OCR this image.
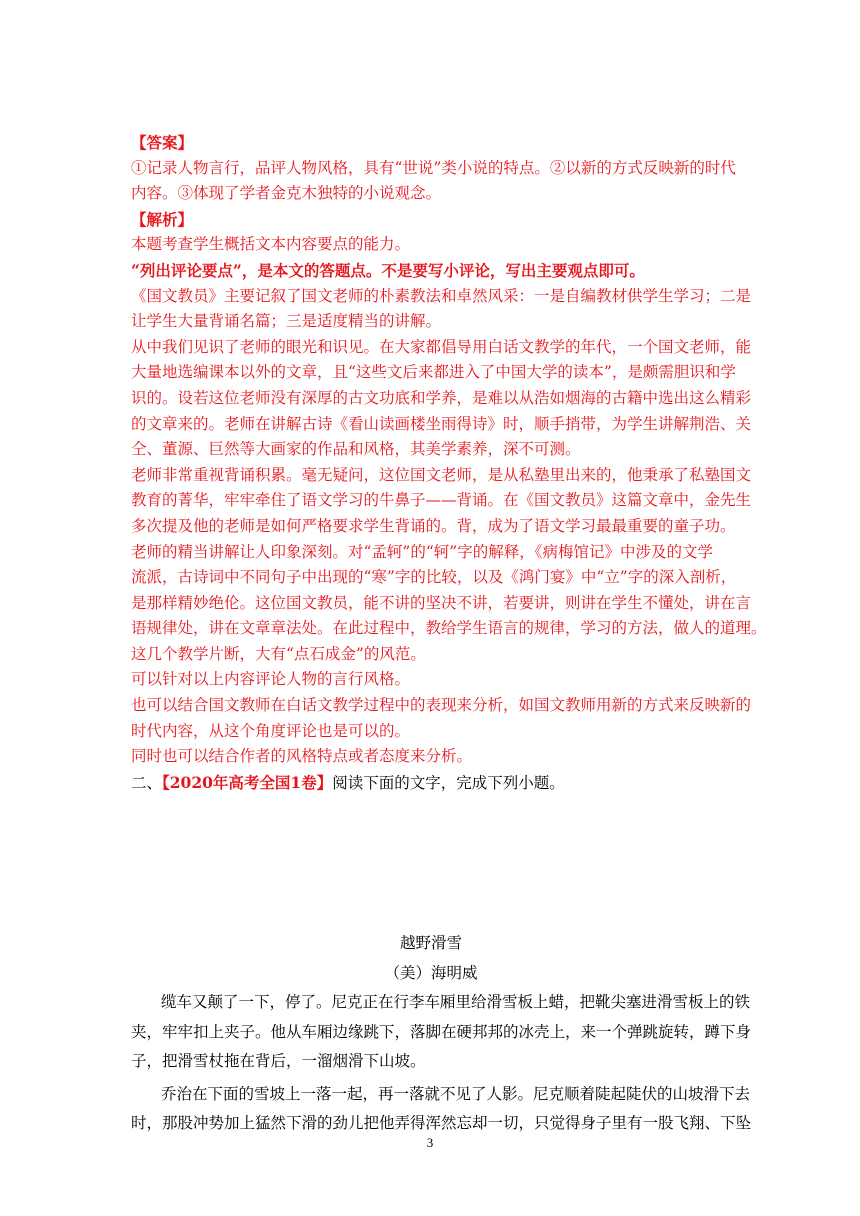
【答案】
①记录人物言行，品评人物风格，具有“世说”类小说的特点。②以新的方式反映新的时代
内容。③体现了学者金克木独特的小说观念。
【解析】
本题考查学生概括文本内容要点的能力。
“列出评论要点”，是本文的答题点。不是要写小评论，写出主要观点即可。
《国文教员》主要记叙了国文老师的朴素教法和卓然风采：一是自编教材供学生学习；二是
让学生大量背诵名篇；三是适度精当的讲解。
从中我们见识了老师的眼光和识见。在大家都倡导用白话文教学的年代，一个国文老师，能
大量地选编课本以外的文章，且“这些文后来都进入了中国大学的读本”，是颇需胆识和学
识的。设若这位老师没有深厚的古文功底和学养，是难以从浩如烟海的古籍中选出这么精彩
的文章来的。老师在讲解古诗《看山读画楼坐雨得诗》时，顺手捎带，为学生讲解荆浩、关
仝、董源、巨然等大画家的作品和风格，其美学素养，深不可测。
老师非常重视背诵积累。毫无疑问，这位国文老师，是从私塾里出来的，他秉承了私塾国文
教育的菁华，牢牢牵住了语文学习的牛鼻子——背诵。在《国文教员》这篇文章中，金先生
多次提及他的老师是如何严格要求学生背诵的。背，成为了语文学习最最重要的童子功。
老师的精当讲解让人印象深刻。对“孟轲”的“轲”字的解释，《病梅馆记》中涉及的文学
流派，古诗词中不同句子中出现的“寒”字的比较，以及《鸿门宴》中“立”字的深入剖析，
是那样精妙绝伦。这位国文教员，能不讲的坚决不讲，若要讲，则讲在学生不懂处，讲在言
语规律处，讲在文章章法处。在此过程中，教给学生语言的规律，学习的方法，做人的道理。
这几个教学片断，大有“点石成金”的风范。
可以针对以上内容评论人物的言行风格。
也可以结合国文教师在白话文教学过程中的表现来分析，如国文教师用新的方式来反映新的
时代内容，从这个角度评论也是可以的。
同时也可以结合作者的风格特点或者态度来分析。
二、【2020年高考全国1卷】阅读下面的文字，完成下列小题。
越野滑雪
（美）海明威
缆车又颠了一下，停了。尼克正在行李车厢里给滑雪板上蜡，把靴尖塞进滑雪板上的铁
夹，牢牢扣上夹子。他从车厢边缘跳下，落脚在硬邦邦的冰壳上，来一个弹跳旋转，蹲下身
子，把滑雪杖拖在背后，一溜烟滑下山坡。
乔治在下面的雪坡上一落一起，再一落就不见了人影。尼克顺着陡起陡伏的山坡滑下去
时，那股冲势加上猛然下滑的劲儿把他弄得浑然忘却一切，只觉得身子里有一股飞翔、下坠
3
